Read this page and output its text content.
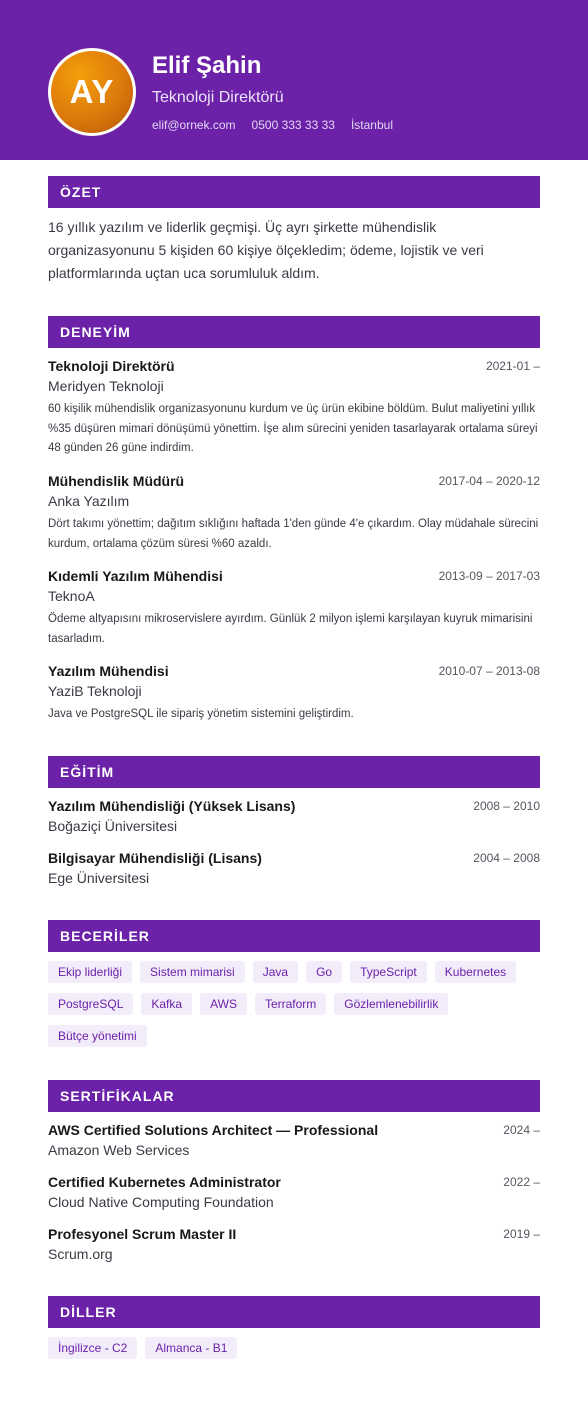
AY
Elif Şahin
Teknoloji Direktörü
elif@ornek.com 0500 333 33 33 İstanbul
ÖZET

16 yıllık yazılım ve liderlik geçmişi. Üç ayrı şirkette mühendislik organizasyonunu 5 kişiden 60 kişiye ölçekledim; ödeme, lojistik ve veri platformlarında uçtan uca sorumluluk aldım.

DENEYİM
Teknoloji Direktörü	2021-01 –
Meridyen Teknoloji
60 kişilik mühendislik organizasyonunu kurdum ve üç ürün ekibine böldüm. Bulut maliyetini yıllık %35 düşüren mimari dönüşümü yönettim. İşe alım sürecini yeniden tasarlayarak ortalama süreyi 48 günden 26 güne indirdim.
Mühendislik Müdürü	2017-04 – 2020-12
Anka Yazılım
Dört takımı yönettim; dağıtım sıklığını haftada 1'den günde 4'e çıkardım. Olay müdahale sürecini kurdum, ortalama çözüm süresi %60 azaldı.
Kıdemli Yazılım Mühendisi	2013-09 – 2017-03
TeknoA
Ödeme altyapısını mikroservislere ayırdım. Günlük 2 milyon işlemi karşılayan kuyruk mimarisini tasarladım.
Yazılım Mühendisi	2010-07 – 2013-08
YaziB Teknoloji
Java ve PostgreSQL ile sipariş yönetim sistemini geliştirdim.
EĞİTİM
Yazılım Mühendisliği (Yüksek Lisans)	2008 – 2010
Boğaziçi Üniversitesi
Bilgisayar Mühendisliği (Lisans)	2004 – 2008
Ege Üniversitesi
BECERİLER
Ekip liderliği	Sistem mimarisi	Java	Go	TypeScript	Kubernetes
PostgreSQL	Kafka	AWS	Terraform	Gözlemlenebilirlik
Bütçe yönetimi
SERTİFİKALAR
AWS Certified Solutions Architect — Professional	2024 –
Amazon Web Services
Certified Kubernetes Administrator	2022 –
Cloud Native Computing Foundation
Profesyonel Scrum Master II	2019 –
Scrum.org
DİLLER
İngilizce - C2	Almanca - B1
